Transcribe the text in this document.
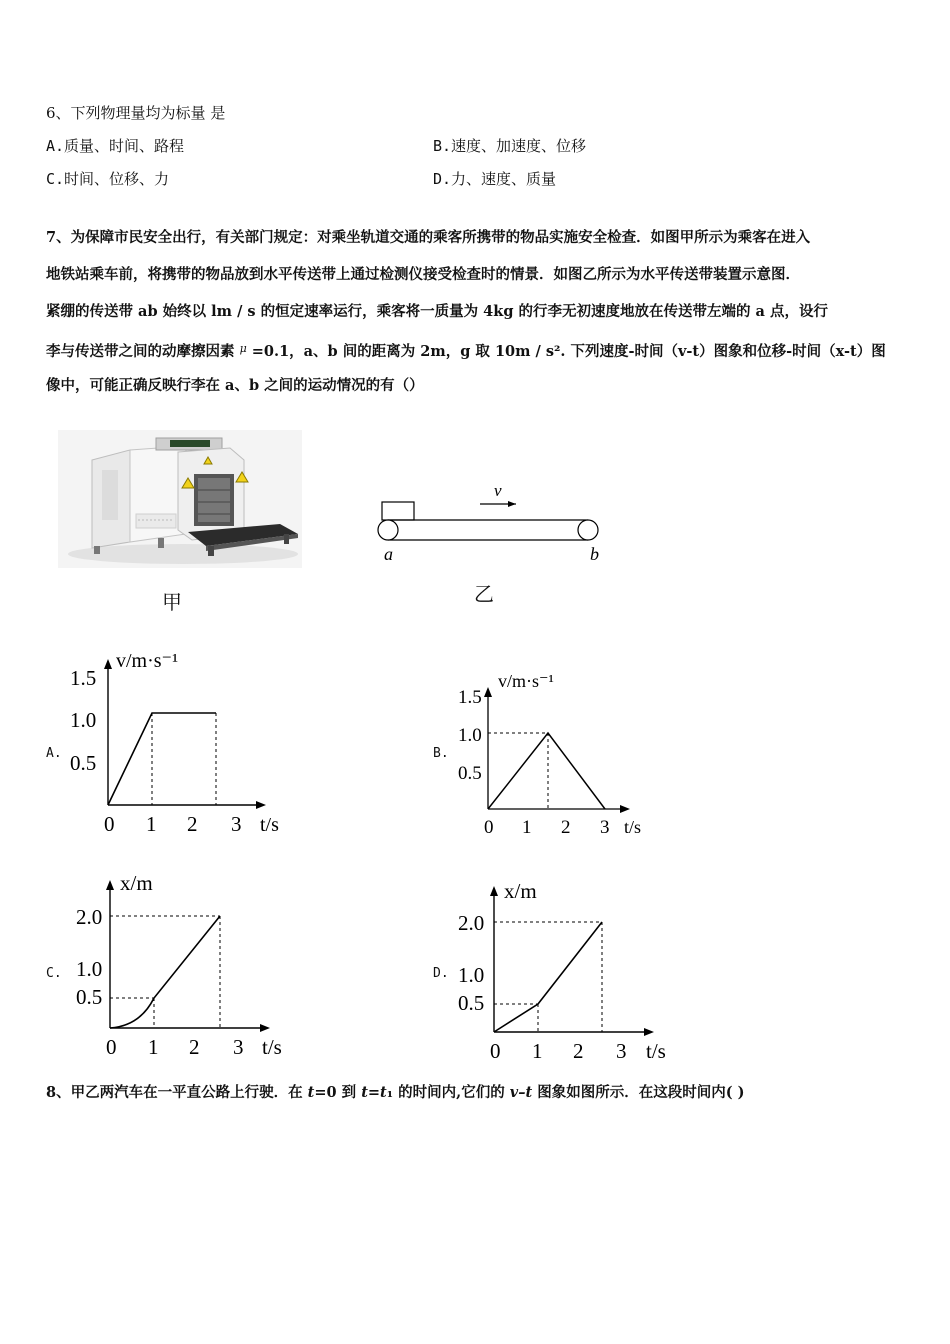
6、下列物理量均为标量 是
A.质量、时间、路程	B.速度、加速度、位移
C.时间、位移、力	D.力、速度、质量
7、为保障市民安全出行，有关部门规定：对乘坐轨道交通的乘客所携带的物品实施安全检查．如图甲所示为乘客在进入
地铁站乘车前，将携带的物品放到水平传送带上通过检测仪接受检查时的情景．如图乙所示为水平传送带装置示意图．
紧绷的传送带 ab 始终以 lm / s 的恒定速率运行，乘客将一质量为 4kg 的行李无初速度地放在传送带左端的 a 点，设行
李与传送带之间的动摩擦因素 $^\mu$ =0.1，a、b 间的距离为 2m，g 取 10m / s². 下列速度-时间（v-t）图象和位移-时间（x-t）图
像中，可能正确反映行李在 a、b 之间的运动情况的有（）
甲
v
a	b
乙
A.	B.
C.	D.
v/m·s⁻¹
t/s
1.5
1.0
0.5
0 1 2 3
v/m·s⁻¹
t/s
1.5
1.0
0.5
0 1 2 3
x/m
t/s
2.0
1.0
0.5
0 1 2 3
x/m
t/s
2.0
1.0
0.5
0 1 2 3
8、甲乙两汽车在一平直公路上行驶．在 t=0 到 t=t₁ 的时间内,它们的 v–t 图象如图所示．在这段时间内( )
